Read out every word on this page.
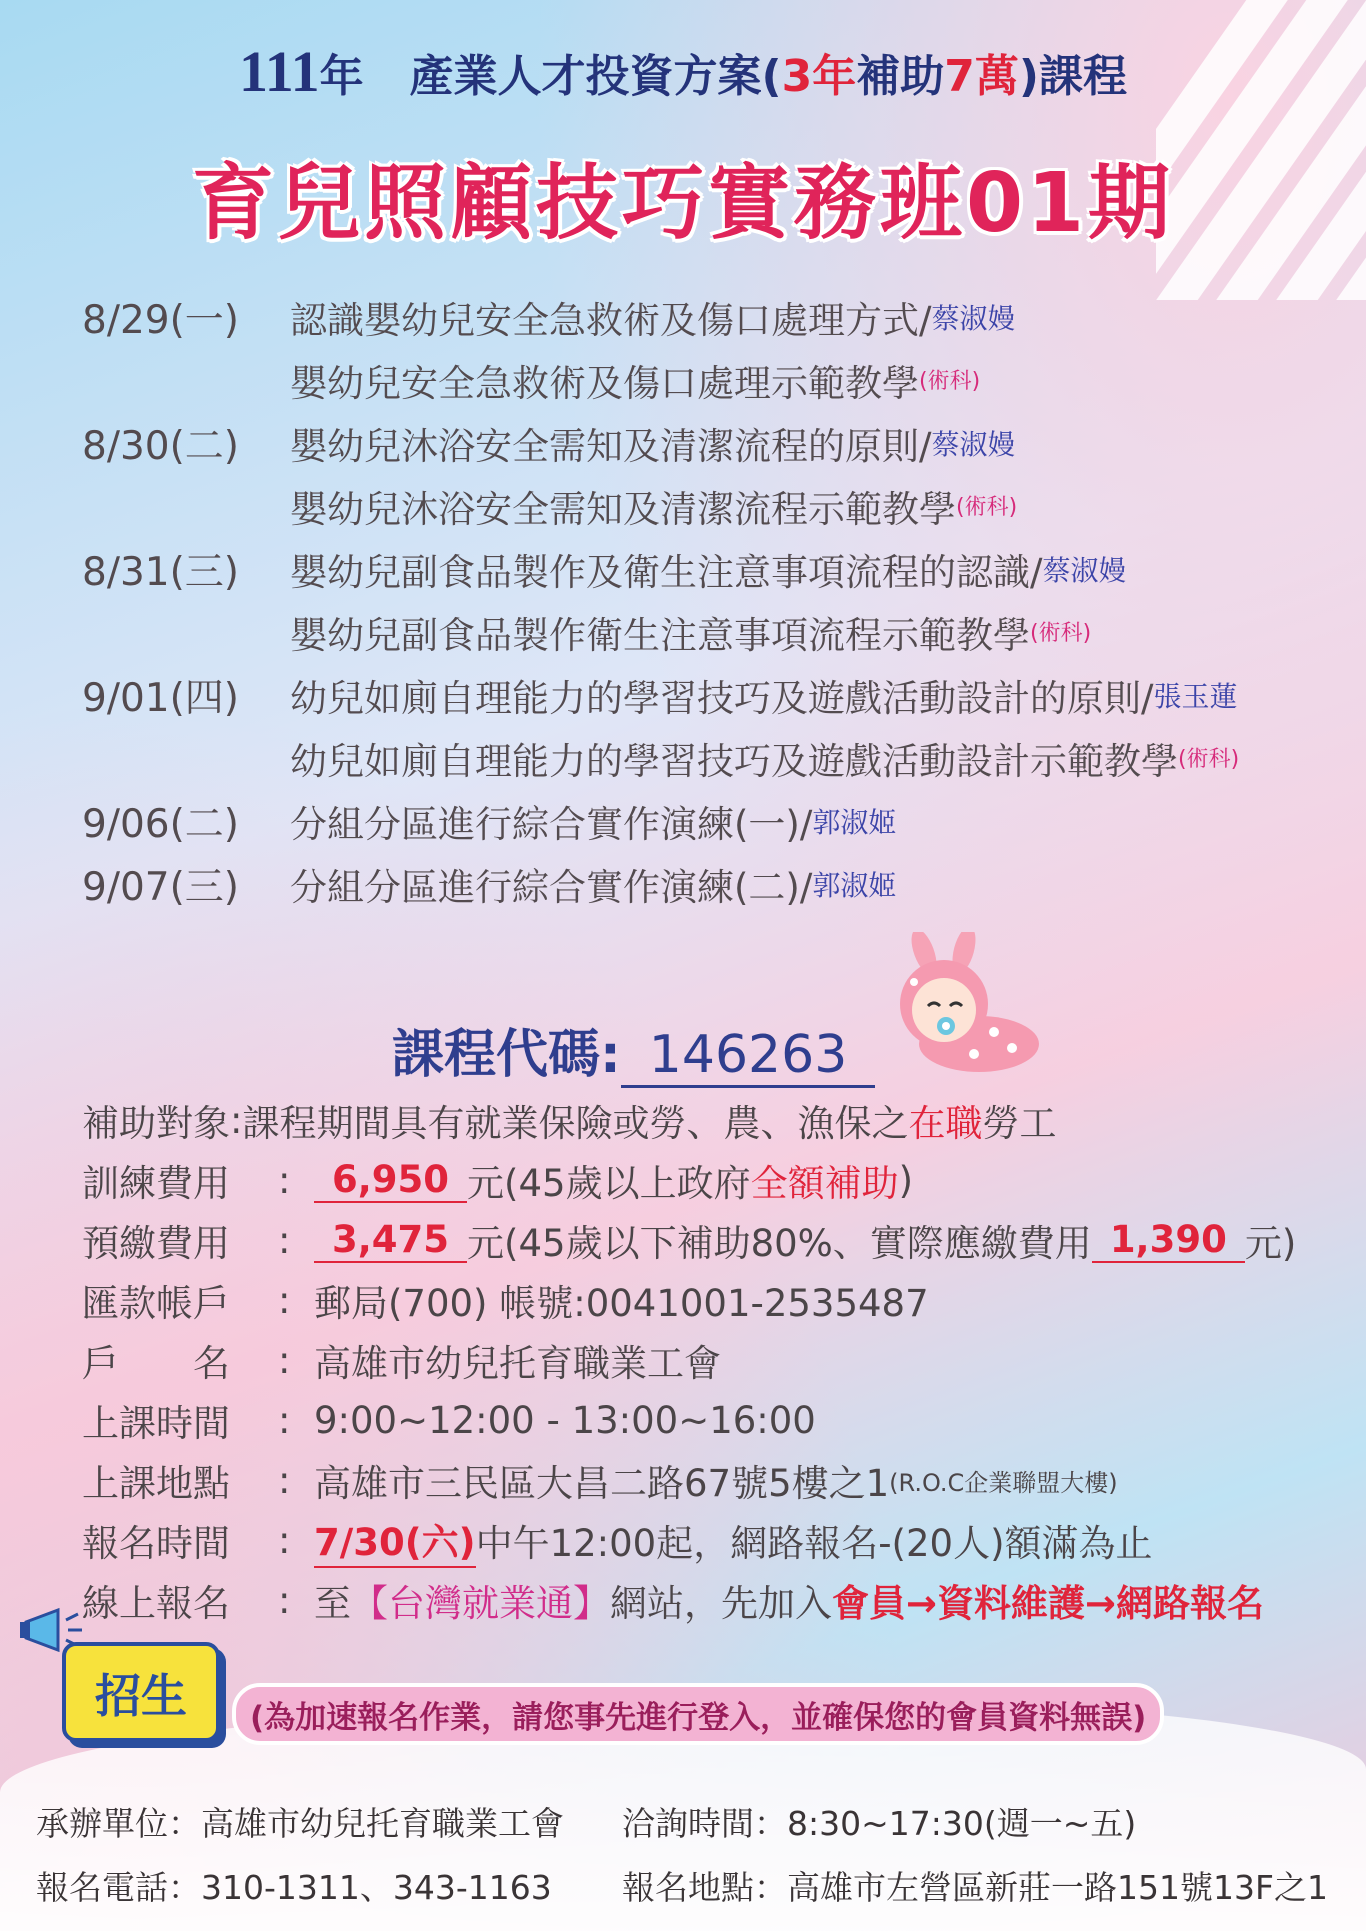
111年 產業人才投資方案(3年補助7萬)課程
育兒照顧技巧實務班01期
8/29(一)	認識嬰幼兒安全急救術及傷口處理方式/ 蔡淑嫚
嬰幼兒安全急救術及傷口處理示範教學 (術科)
8/30(二)	嬰幼兒沐浴安全需知及清潔流程的原則/ 蔡淑嫚
嬰幼兒沐浴安全需知及清潔流程示範教學 (術科)
8/31(三)	嬰幼兒副食品製作及衛生注意事項流程的認識/ 蔡淑嫚
嬰幼兒副食品製作衛生注意事項流程示範教學 (術科)
9/01(四)	幼兒如廁自理能力的學習技巧及遊戲活動設計的原則/ 張玉蓮
幼兒如廁自理能力的學習技巧及遊戲活動設計示範教學 (術科)
9/06(二)	分組分區進行綜合實作演練(一)/ 郭淑姬
9/07(三)	分組分區進行綜合實作演練(二)/ 郭淑姬
課程代碼: 146263
補助對象 : 課程期間具有就業保險或勞、農、漁保之 在職 勞工
訓練費用	:	6,950 元(45歲以上政府 全額補助 )
預繳費用	:	3,475 元(45歲以下補助80%、實際應繳費用 1,390 元)
匯款帳戶	: 郵局(700) 帳號:0041001-2535487
戶　　名	: 高雄市幼兒托育職業工會
上課時間	: 9:00~12:00 - 13:00~16:00
上課地點	: 高雄市三民區大昌二路67號5樓之1 (R.O.C企業聯盟大樓)
報名時間	: 7/30(六) 中午12:00起，網路報名-(20人)額滿為止
線上報名	: 至 【台灣就業通】 網站，先加入 會員→資料維護→網路報名
招生	(為加速報名作業，請您事先進行登入，並確保您的會員資料無誤)
承辦單位：高雄市幼兒托育職業工會 洽詢時間：8:30~17:30(週一~五)
報名電話：310-1311、343-1163 報名地點：高雄市左營區新莊一路151號13F之1
